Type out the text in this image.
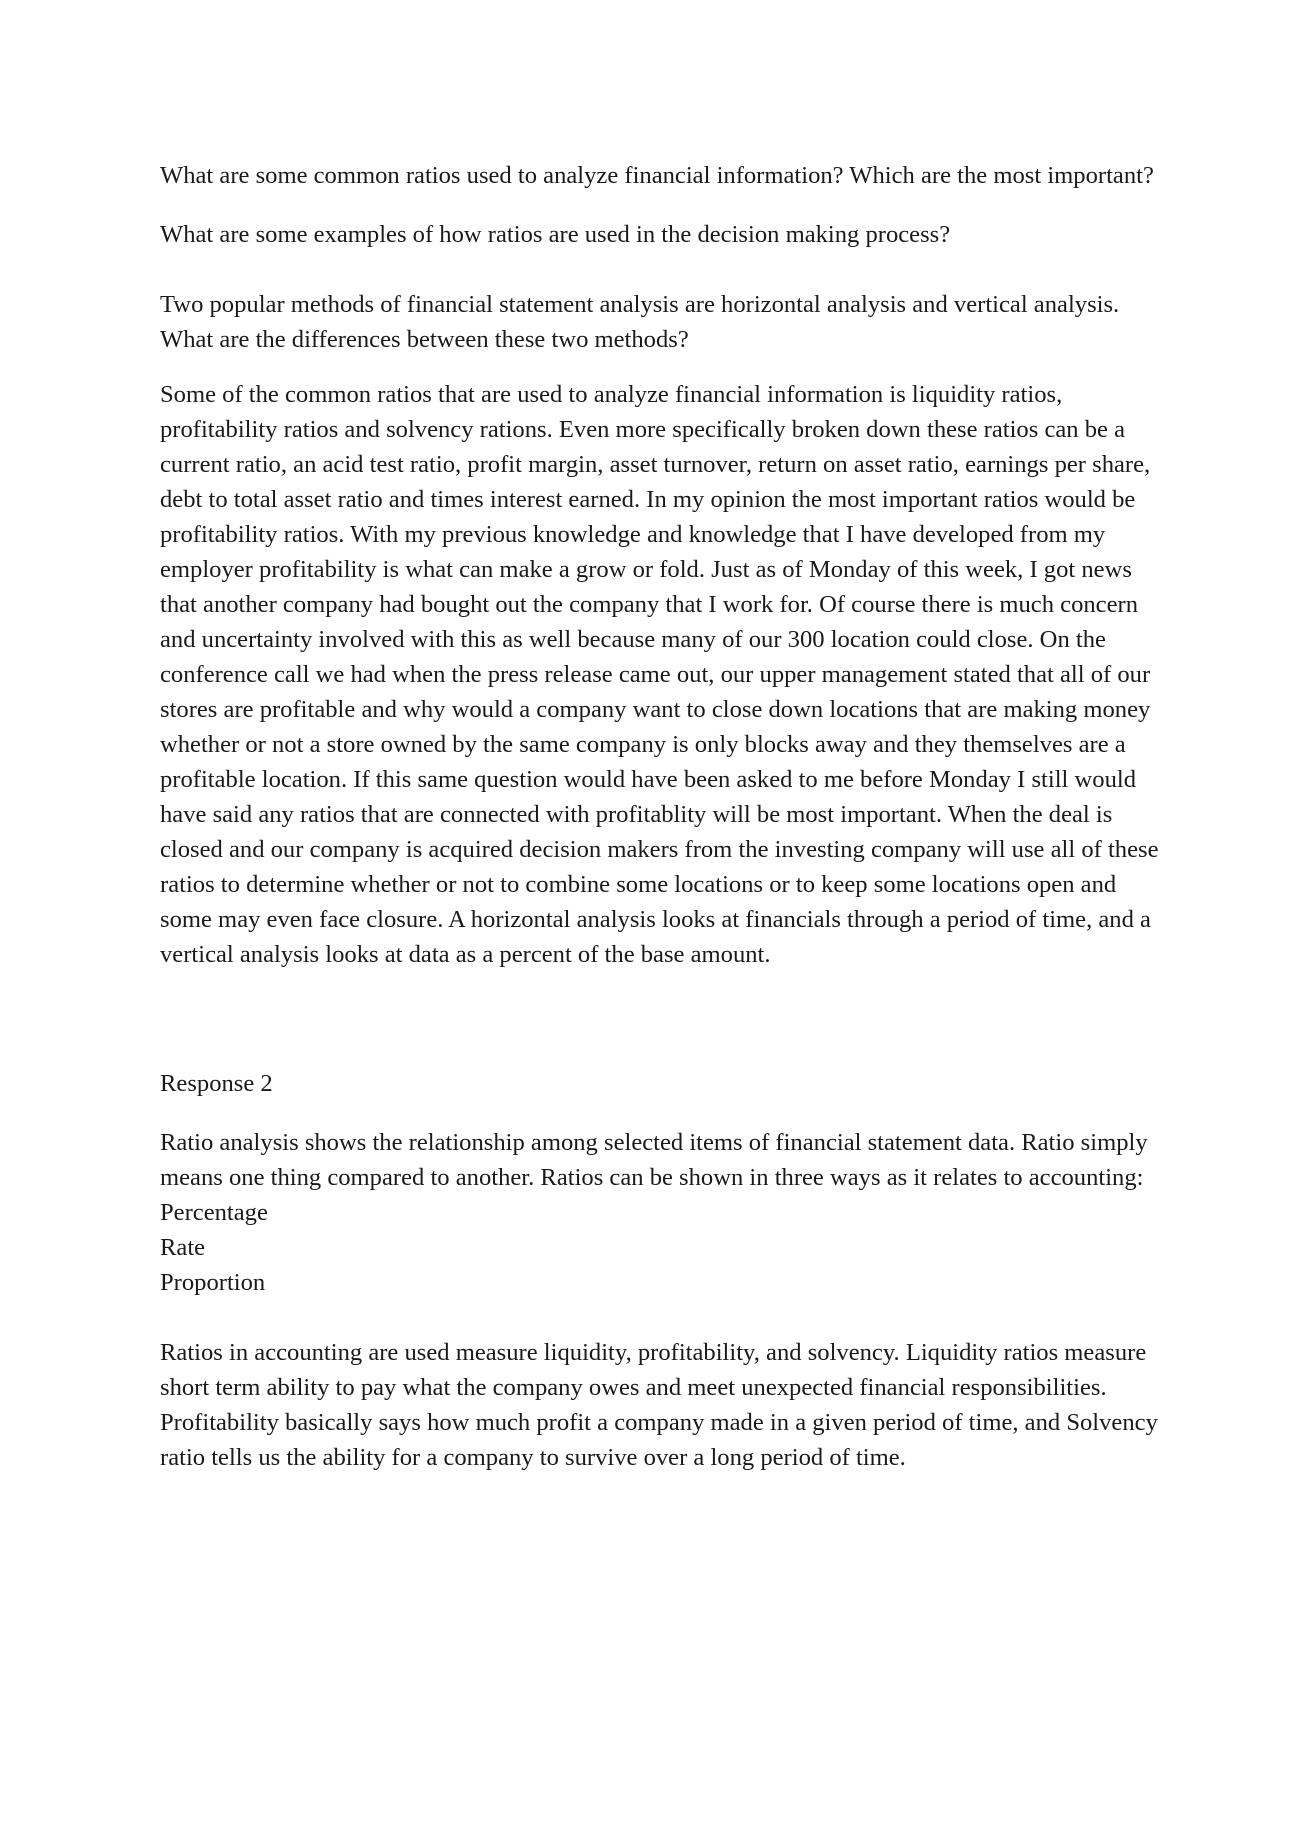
What are some common ratios used to analyze financial information? Which are the most important?

What are some examples of how ratios are used in the decision making process?

Two popular methods of financial statement analysis are horizontal analysis and vertical analysis. What are the differences between these two methods?

Some of the common ratios that are used to analyze financial information is liquidity ratios, profitability ratios and solvency rations. Even more specifically broken down these ratios can be a current ratio, an acid test ratio, profit margin, asset turnover, return on asset ratio, earnings per share, debt to total asset ratio and times interest earned. In my opinion the most important ratios would be profitability ratios. With my previous knowledge and knowledge that I have developed from my employer profitability is what can make a grow or fold. Just as of Monday of this week, I got news that another company had bought out the company that I work for. Of course there is much concern and uncertainty involved with this as well because many of our 300 location could close. On the conference call we had when the press release came out, our upper management stated that all of our stores are profitable and why would a company want to close down locations that are making money whether or not a store owned by the same company is only blocks away and they themselves are a profitable location. If this same question would have been asked to me before Monday I still would have said any ratios that are connected with profitablity will be most important. When the deal is closed and our company is acquired decision makers from the investing company will use all of these ratios to determine whether or not to combine some locations or to keep some locations open and some may even face closure. A horizontal analysis looks at financials through a period of time, and a vertical analysis looks at data as a percent of the base amount.

Response 2

Ratio analysis shows the relationship among selected items of financial statement data. Ratio simply means one thing compared to another. Ratios can be shown in three ways as it relates to accounting:

Percentage
Rate
Proportion

Ratios in accounting are used measure liquidity, profitability, and solvency. Liquidity ratios measure short term ability to pay what the company owes and meet unexpected financial responsibilities. Profitability basically says how much profit a company made in a given period of time, and Solvency ratio tells us the ability for a company to survive over a long period of time.
